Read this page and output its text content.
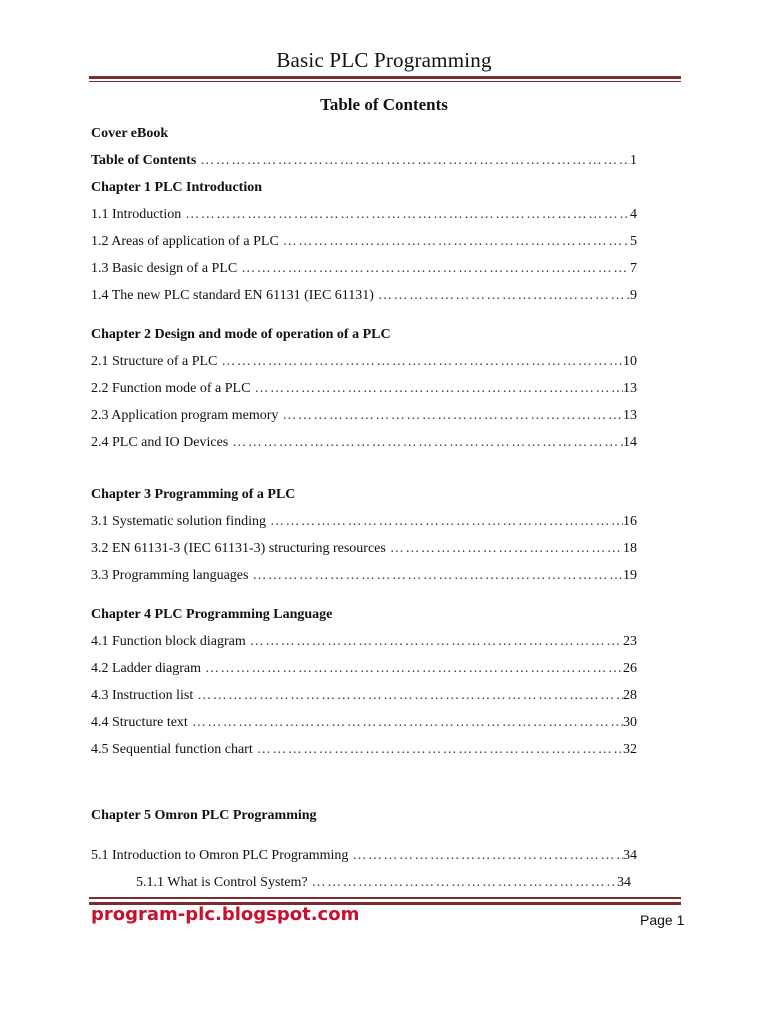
Basic PLC Programming
Table of Contents
Cover eBook
Table of Contents ……………………………………………………………………………………………………………………………………	1
Chapter 1 PLC Introduction
1.1 Introduction ……………………………………………………………………………………………………………………………………	4
1.2 Areas of application of a PLC ……………………………………………………………………………………………………………………………………	5
1.3 Basic design of a PLC ……………………………………………………………………………………………………………………………………	7
1.4 The new PLC standard EN 61131 (IEC 61131) ……………………………………………………………………………………………………………………………………	9
Chapter 2 Design and mode of operation of a PLC
2.1 Structure of a PLC ……………………………………………………………………………………………………………………………………	10
2.2 Function mode of a PLC ……………………………………………………………………………………………………………………………………	13
2.3 Application program memory ……………………………………………………………………………………………………………………………………	13
2.4 PLC and IO Devices ……………………………………………………………………………………………………………………………………	14
Chapter 3 Programming of a PLC
3.1 Systematic solution finding ……………………………………………………………………………………………………………………………………	16
3.2 EN 61131-3 (IEC 61131-3) structuring resources ……………………………………………………………………………………………………………………………………	18
3.3 Programming languages ……………………………………………………………………………………………………………………………………	19
Chapter 4 PLC Programming Language
4.1 Function block diagram ……………………………………………………………………………………………………………………………………	23
4.2 Ladder diagram ……………………………………………………………………………………………………………………………………	26
4.3 Instruction list ……………………………………………………………………………………………………………………………………	28
4.4 Structure text ……………………………………………………………………………………………………………………………………	30
4.5 Sequential function chart ……………………………………………………………………………………………………………………………………	32
Chapter 5 Omron PLC Programming
5.1 Introduction to Omron PLC Programming ……………………………………………………………………………………………………………………………………	34
5.1.1 What is Control System? ……………………………………………………………………………………………………………………………………	34
program-plc.blogspot.com	Page 1
